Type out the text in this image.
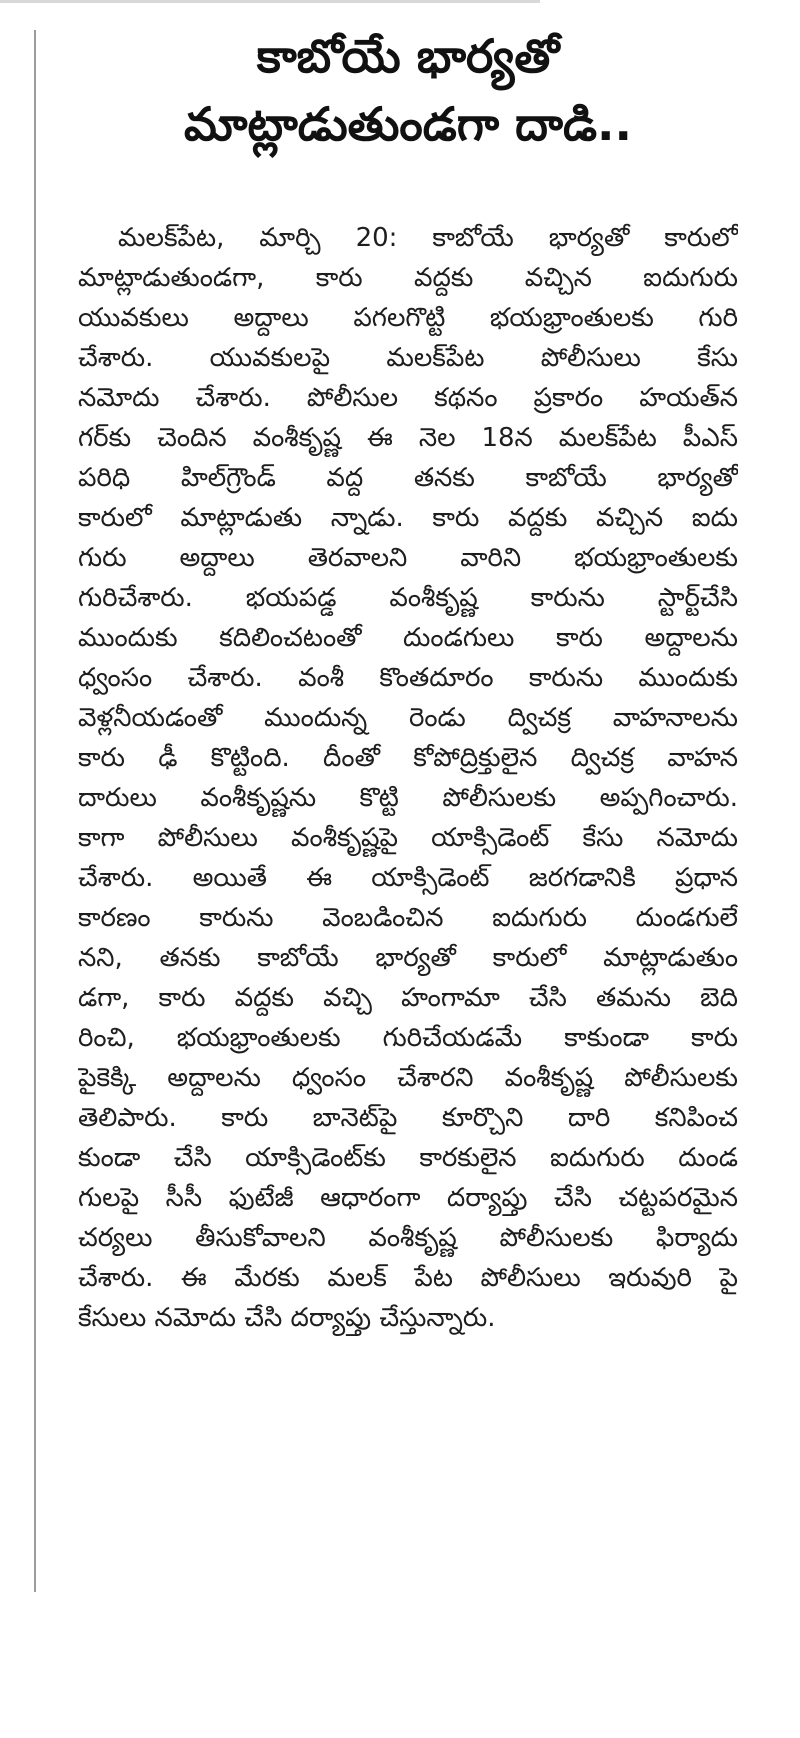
కాబోయే భార్యతో
మాట్లాడుతుండగా దాడి..
మలక్‌పేట, మార్చి 20: కాబోయే భార్యతో కారులో
మాట్లాడుతుండగా, కారు వద్దకు వచ్చిన ఐదుగురు
యువకులు అద్దాలు పగలగొట్టి భయభ్రాంతులకు గురి
చేశారు. యువకులపై మలక్‌పేట పోలీసులు కేసు
నమోదు చేశారు. పోలీసుల కథనం ప్రకారం హయత్‌న
గర్‌కు చెందిన వంశీకృష్ణ ఈ నెల 18న మలక్‌పేట పీఎస్
పరిధి హిల్‌గ్రౌండ్ వద్ద తనకు కాబోయే భార్యతో
కారులో మాట్లాడుతు న్నాడు. కారు వద్దకు వచ్చిన ఐదు
గురు అద్దాలు తెరవాలని వారిని భయభ్రాంతులకు
గురిచేశారు. భయపడ్డ వంశీకృష్ణ కారును స్టార్ట్‌చేసి
ముందుకు కదిలించటంతో దుండగులు కారు అద్దాలను
ధ్వంసం చేశారు. వంశీ కొంతదూరం కారును ముందుకు
వెళ్లనీయడంతో ముందున్న రెండు ద్విచక్ర వాహనాలను
కారు ఢీ కొట్టింది. దీంతో కోపోద్రిక్తులైన ద్విచక్ర వాహన
దారులు వంశీకృష్ణను కొట్టి పోలీసులకు అప్పగించారు.
కాగా పోలీసులు వంశీకృష్ణపై యాక్సిడెంట్ కేసు నమోదు
చేశారు. అయితే ఈ యాక్సిడెంట్ జరగడానికి ప్రధాన
కారణం కారును వెంబడించిన ఐదుగురు దుండగులే
నని, తనకు కాబోయే భార్యతో కారులో మాట్లాడుతుం
డగా, కారు వద్దకు వచ్చి హంగామా చేసి తమను బెది
రించి, భయభ్రాంతులకు గురిచేయడమే కాకుండా కారు
పైకెక్కి అద్దాలను ధ్వంసం చేశారని వంశీకృష్ణ పోలీసులకు
తెలిపారు. కారు బానెట్‌పై కూర్చొని దారి కనిపించ
కుండా చేసి యాక్సిడెంట్‌కు కారకులైన ఐదుగురు దుండ
గులపై సీసీ ఫుటేజీ ఆధారంగా దర్యాప్తు చేసి చట్టపరమైన
చర్యలు తీసుకోవాలని వంశీకృష్ణ పోలీసులకు ఫిర్యాదు
చేశారు. ఈ మేరకు మలక్ పేట పోలీసులు ఇరువురి పై
కేసులు నమోదు చేసి దర్యాప్తు చేస్తున్నారు.
